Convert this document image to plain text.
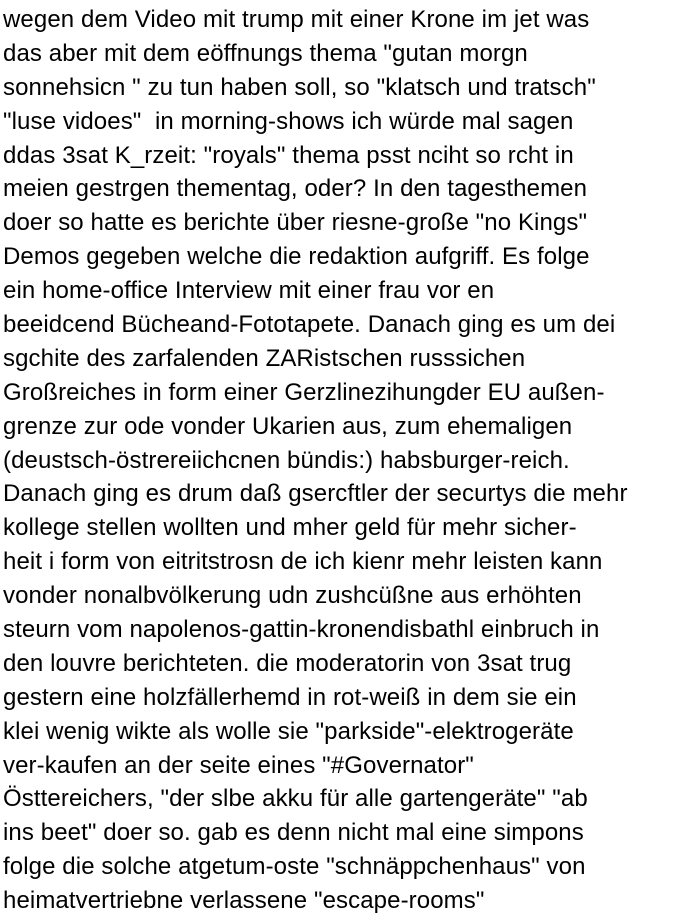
wegen dem Video mit trump mit einer Krone im jet was
das aber mit dem eöffnungs thema "gutan morgn
sonnehsicn " zu tun haben soll, so "klatsch und tratsch"
"luse vidoes"  in morning-shows ich würde mal sagen
ddas 3sat K_rzeit: "royals" thema psst nciht so rcht in
meien gestrgen thementag, oder? In den tagesthemen
doer so hatte es berichte über riesne-große "no Kings"
Demos gegeben welche die redaktion aufgriff. Es folge
ein home-office Interview mit einer frau vor en
beeidcend Bücheand-Fototapete. Danach ging es um dei
sgchite des zarfalenden ZARistschen russsichen
Großreiches in form einer Gerzlinezihungder EU außen-
grenze zur ode vonder Ukarien aus, zum ehemaligen
(deustsch-östrereiichcnen bündis:) habsburger-reich.
Danach ging es drum daß gsercftler der securtys die mehr
kollege stellen wollten und mher geld für mehr sicher-
heit i form von eitritstrosn de ich kienr mehr leisten kann
vonder nonalbvölkerung udn zushcüßne aus erhöhten
steurn vom napolenos-gattin-kronendisbathl einbruch in
den louvre berichteten. die moderatorin von 3sat trug
gestern eine holzfällerhemd in rot-weiß in dem sie ein
klei wenig wikte als wolle sie "parkside"-elektrogeräte
ver-kaufen an der seite eines "#Governator"
Östtereichers, "der slbe akku für alle gartengeräte" "ab
ins beet" doer so. gab es denn nicht mal eine simpons
folge die solche atgetum-oste "schnäppchenhaus" von
heimatvertriebne verlassene "escape-rooms"
